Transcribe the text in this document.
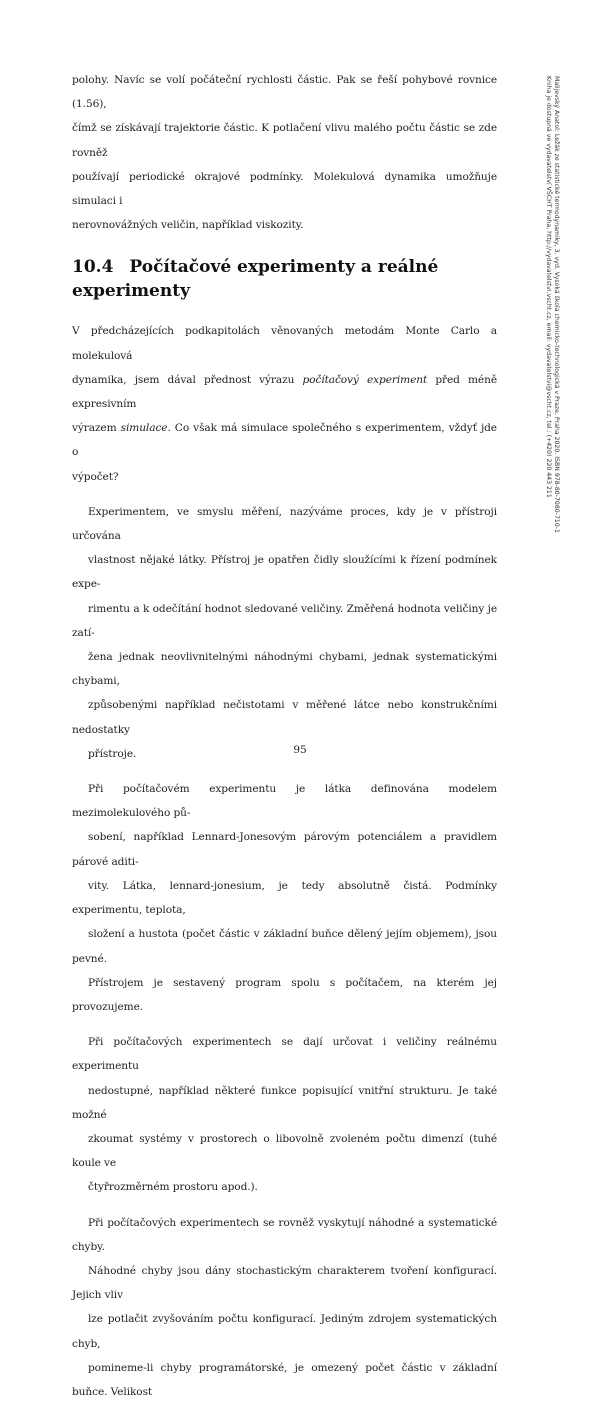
polohy. Navíc se volí počáteční rychlosti částic. Pak se řeší pohybové rovnice (1.56),
čímž se získávají trajektorie částic. K potlačení vlivu malého počtu částic se zde rovněž
používají periodické okrajové podmínky. Molekulová dynamika umožňuje simulaci i
nerovnovážných veličin, například viskozity.

10.4 Počítačové experimenty a reálné experimenty

V předcházejících podkapitolách věnovaných metodám Monte Carlo a molekulová
dynamika, jsem dával přednost výrazu počítačový experiment před méně expresivním
výrazem simulace. Co však má simulace společného s experimentem, vždyť jde o
výpočet?

Experimentem, ve smyslu měření, nazýváme proces, kdy je v přístroji určována
vlastnost nějaké látky. Přístroj je opatřen čidly sloužícími k řízení podmínek expe-
rimentu a k odečítání hodnot sledované veličiny. Změřená hodnota veličiny je zatí-
žena jednak neovlivnitelnými náhodnými chybami, jednak systematickými chybami,
způsobenými například nečistotami v měřené látce nebo konstrukčními nedostatky
přístroje.

Při počítačovém experimentu je látka definována modelem mezimolekulového pů-
sobení, například Lennard-Jonesovým párovým potenciálem a pravidlem párové aditi-
vity. Látka, lennard-jonesium, je tedy absolutně čistá. Podmínky experimentu, teplota,
složení a hustota (počet částic v základní buňce dělený jejím objemem), jsou pevné.
Přístrojem je sestavený program spolu s počítačem, na kterém jej provozujeme.

Při počítačových experimentech se dají určovat i veličiny reálnému experimentu
nedostupné, například některé funkce popisující vnitřní strukturu. Je také možné
zkoumat systémy v prostorech o libovolně zvoleném počtu dimenzí (tuhé koule ve
čtyřrozměrném prostoru apod.).

Při počítačových experimentech se rovněž vyskytují náhodné a systematické chyby.
Náhodné chyby jsou dány stochastickým charakterem tvoření konfigurací. Jejich vliv
lze potlačit zvyšováním počtu konfigurací. Jediným zdrojem systematických chyb,
pomineme-li chyby programátorské, je omezený počet částic v základní buňce. Velikost

95
Malijevský Anatol: Ležák ze statistické termodynamiky, 3. vyd. Vysoká škola chemicko-technologická v Praze, Praha 2020. ISBN 978-80-7080-710-1
Kniha je dostupná ve vydavatelství VŠCHT Praha, http://vydavatelstvi.vscht.cz, email: vydavatelstvi@vscht.cz, tel.: (+420) 220 443 211
